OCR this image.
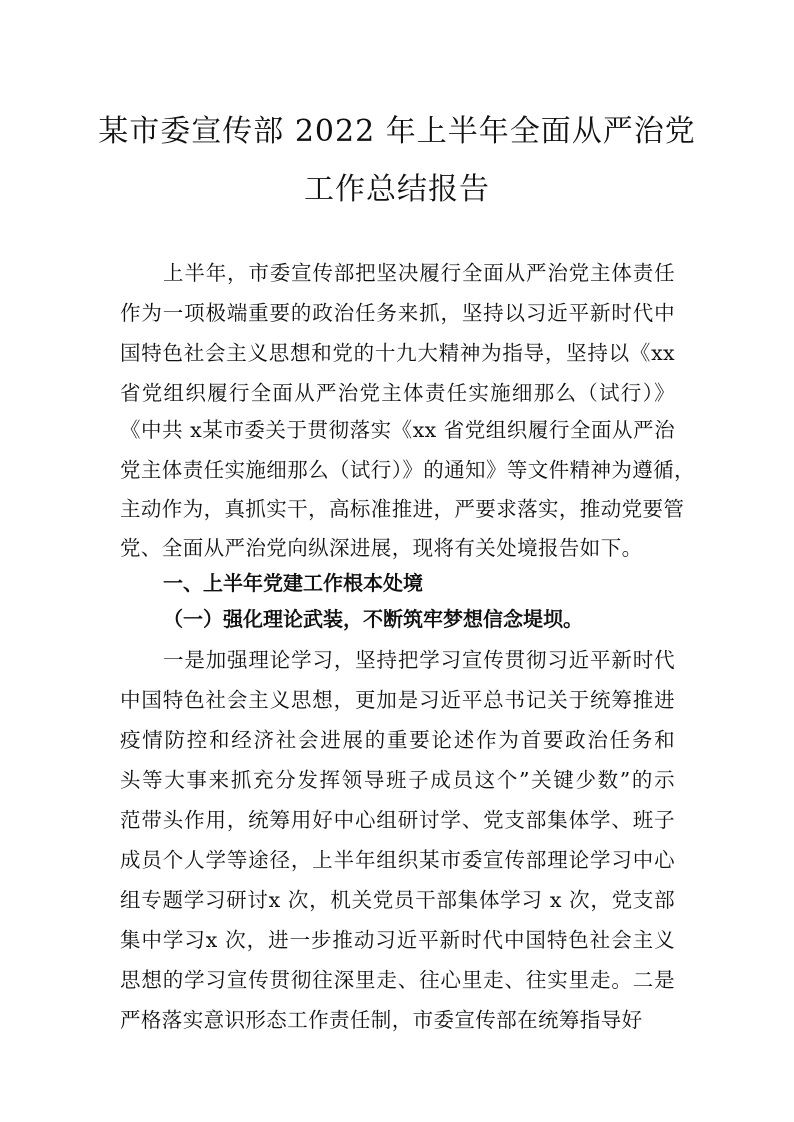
某市委宣传部 2022 年上半年全面从严治党
工作总结报告
上半年，市委宣传部把坚决履行全面从严治党主体责任
作为一项极端重要的政治任务来抓，坚持以习近平新时代中
国特色社会主义思想和党的十九大精神为指导，坚持以《xx
省党组织履行全面从严治党主体责任实施细那么（试行）》
《中共 x某市委关于贯彻落实《xx 省党组织履行全面从严治
党主体责任实施细那么（试行）》的通知》等文件精神为遵循，
主动作为，真抓实干，高标准推进，严要求落实，推动党要管
党、全面从严治党向纵深进展，现将有关处境报告如下。
一、上半年党建工作根本处境
（一）强化理论武装，不断筑牢梦想信念堤坝。
一是加强理论学习，坚持把学习宣传贯彻习近平新时代
中国特色社会主义思想，更加是习近平总书记关于统筹推进
疫情防控和经济社会进展的重要论述作为首要政治任务和
头等大事来抓充分发挥领导班子成员这个”关键少数”的示
范带头作用，统筹用好中心组研讨学、党支部集体学、班子
成员个人学等途径，上半年组织某市委宣传部理论学习中心
组专题学习研讨x 次，机关党员干部集体学习 x 次，党支部
集中学习x 次，进一步推动习近平新时代中国特色社会主义
思想的学习宣传贯彻往深里走、往心里走、往实里走。二是
严格落实意识形态工作责任制，市委宣传部在统筹指导好
